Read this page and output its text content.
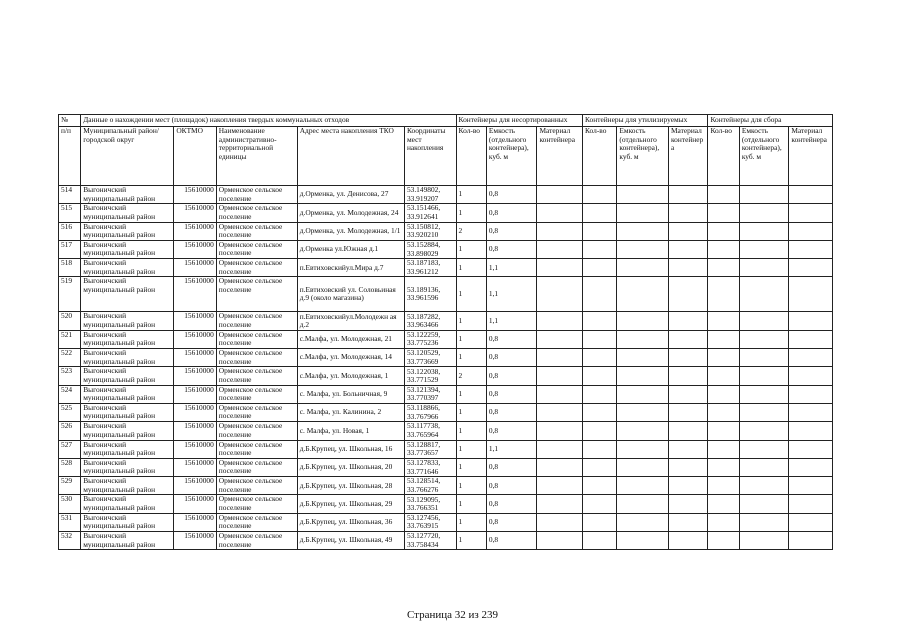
№	Данные о нахождении мест (площадок) накопления твердых коммунальных отходов					Контейнеры для несортированных			Контейнеры для утилизируемых			Контейнеры для сбора		
п/п	Муниципальный район/городской округ	ОКТМО	Наименование административно-территориальной единицы	Адрес места накопления ТКО	Координаты мест накопления	Кол-во	Емкость (отдельного контейнера), куб. м	Материал контейнера	Кол-во	Емкость (отдельного контейнера), куб. м	Материал контейнер а	Кол-во	Емкость (отдельного контейнера), куб. м	Материал контейнера
514	Выгоничский муниципальный район	15610000	Орменское сельское поселение	д.Орменка, ул. Денисова, 27	53.149802, 33.919207	1	0,8							
515	Выгоничский муниципальный район	15610000	Орменское сельское поселение	д.Орменка, ул. Молодежная, 24	53.151466, 33.912641	1	0,8							
516	Выгоничский муниципальный район	15610000	Орменское сельское поселение	д.Орменка, ул. Молодежная, 1/1	53.150812, 33.920210	2	0,8							
517	Выгоничский муниципальный район	15610000	Орменское сельское поселение	д.Орменка ул.Южная д.1	53.152884, 33.898029	1	0,8							
518	Выгоничский муниципальный район	15610000	Орменское сельское поселение	п.Евтиховскийул.Мира д.7	53.187183, 33.961212	1	1,1							
519	Выгоничский муниципальный район	15610000	Орменское сельское поселение	п.Евтиховский ул. Соловьиная д.9 (около магазина)	53.189136, 33.961596	1	1,1							
520	Выгоничский муниципальный район	15610000	Орменское сельское поселение	п.Евтиховскийул.Молодежн ая д.2	53.187282, 33.963466	1	1,1							
521	Выгоничский муниципальный район	15610000	Орменское сельское поселение	с.Малфа, ул. Молодежная, 21	53.122259, 33.775236	1	0,8							
522	Выгоничский муниципальный район	15610000	Орменское сельское поселение	с.Малфа, ул. Молодежная, 14	53.120529, 33.773669	1	0,8							
523	Выгоничский муниципальный район	15610000	Орменское сельское поселение	с.Малфа, ул. Молодежная, 1	53.122038, 33.771529	2	0,8							
524	Выгоничский муниципальный район	15610000	Орменское сельское поселение	с. Малфа, ул. Больничная, 9	53.121394, 33.770397	1	0,8							
525	Выгоничский муниципальный район	15610000	Орменское сельское поселение	с. Малфа, ул. Калинина, 2	53.118866, 33.767966	1	0,8							
526	Выгоничский муниципальный район	15610000	Орменское сельское поселение	с. Малфа, ул. Новая, 1	53.117738, 33.765964	1	0,8							
527	Выгоничский муниципальный район	15610000	Орменское сельское поселение	д.Б.Крупец, ул. Школьная, 16	53.128817, 33.773657	1	1,1							
528	Выгоничский муниципальный район	15610000	Орменское сельское поселение	д.Б.Крупец, ул. Школьная, 20	53.127833, 33.771646	1	0,8							
529	Выгоничский муниципальный район	15610000	Орменское сельское поселение	д.Б.Крупец, ул. Школьная, 28	53.128514, 33.766276	1	0,8							
530	Выгоничский муниципальный район	15610000	Орменское сельское поселение	д.Б.Крупец, ул. Школьная, 29	53.129095, 33.766351	1	0,8							
531	Выгоничский муниципальный район	15610000	Орменское сельское поселение	д.Б.Крупец, ул. Школьная, 36	53.127456, 33.763915	1	0,8							
532	Выгоничский муниципальный район	15610000	Орменское сельское поселение	д.Б.Крупец, ул. Школьная, 49	53.127720, 33.758434	1	0,8							
Страница 32 из 239
